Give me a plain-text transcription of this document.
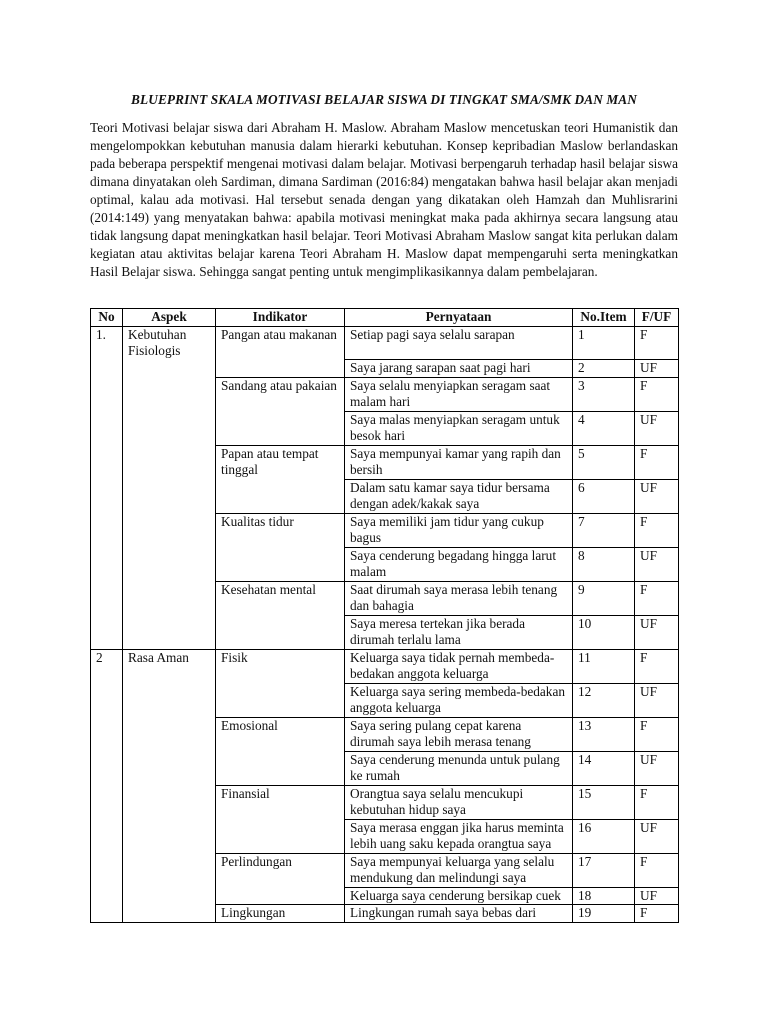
BLUEPRINT SKALA MOTIVASI BELAJAR SISWA DI TINGKAT SMA/SMK DAN MAN
Teori Motivasi belajar siswa dari Abraham H. Maslow. Abraham Maslow mencetuskan teori Humanistik dan mengelompokkan kebutuhan manusia dalam hierarki kebutuhan. Konsep kepribadian Maslow berlandaskan pada beberapa perspektif mengenai motivasi dalam belajar. Motivasi berpengaruh terhadap hasil belajar siswa dimana dinyatakan oleh Sardiman, dimana Sardiman (2016:84) mengatakan bahwa hasil belajar akan menjadi optimal, kalau ada motivasi. Hal tersebut senada dengan yang dikatakan oleh Hamzah dan Muhlisrarini (2014:149) yang menyatakan bahwa: apabila motivasi meningkat maka pada akhirnya secara langsung atau tidak langsung dapat meningkatkan hasil belajar. Teori Motivasi Abraham Maslow sangat kita perlukan dalam kegiatan atau aktivitas belajar karena Teori Abraham H. Maslow dapat mempengaruhi serta meningkatkan Hasil Belajar siswa. Sehingga sangat penting untuk mengimplikasikannya dalam pembelajaran.
No	Aspek	Indikator	Pernyataan	No.Item	F/UF
1.	Kebutuhan Fisiologis	Pangan atau makanan	Setiap pagi saya selalu sarapan	1	F
			Saya jarang sarapan saat pagi hari	2	UF
		Sandang atau pakaian	Saya selalu menyiapkan seragam saat malam hari	3	F
			Saya malas menyiapkan seragam untuk besok hari	4	UF
		Papan atau tempat tinggal	Saya mempunyai kamar yang rapih dan bersih	5	F
			Dalam satu kamar saya tidur bersama dengan adek/kakak saya	6	UF
		Kualitas tidur	Saya memiliki jam tidur yang cukup bagus	7	F
			Saya cenderung begadang hingga larut malam	8	UF
		Kesehatan mental	Saat dirumah saya merasa lebih tenang dan bahagia	9	F
			Saya meresa tertekan jika berada dirumah terlalu lama	10	UF
2	Rasa Aman	Fisik	Keluarga saya tidak pernah membeda-bedakan anggota keluarga	11	F
			Keluarga saya sering membeda-bedakan anggota keluarga	12	UF
		Emosional	Saya sering pulang cepat karena dirumah saya lebih merasa tenang	13	F
			Saya cenderung menunda untuk pulang ke rumah	14	UF
		Finansial	Orangtua saya selalu mencukupi kebutuhan hidup saya	15	F
			Saya merasa enggan jika harus meminta lebih uang saku kepada orangtua saya	16	UF
		Perlindungan	Saya mempunyai keluarga yang selalu mendukung dan melindungi saya	17	F
			Keluarga saya cenderung bersikap cuek	18	UF
		Lingkungan	Lingkungan rumah saya bebas dari	19	F
